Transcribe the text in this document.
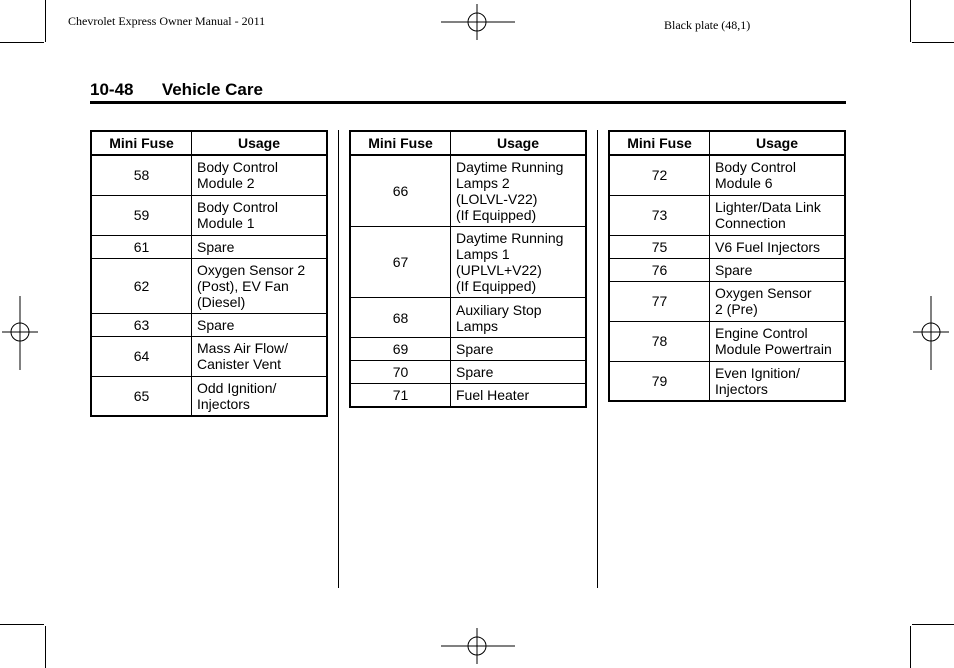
Chevrolet Express Owner Manual - 2011	Black plate (48,1)
10-48 Vehicle Care
Mini Fuse	Usage
58	Body Control
Module 2
59	Body Control
Module 1
61	Spare
62	Oxygen Sensor 2
(Post), EV Fan
(Diesel)
63	Spare
64	Mass Air Flow/
Canister Vent
65	Odd Ignition/
Injectors
Mini Fuse	Usage
66	Daytime Running
Lamps 2
(LOLVL-V22)
(If Equipped)
67	Daytime Running
Lamps 1
(UPLVL+V22)
(If Equipped)
68	Auxiliary Stop
Lamps
69	Spare
70	Spare
71	Fuel Heater
Mini Fuse	Usage
72	Body Control
Module 6
73	Lighter/Data Link
Connection
75	V6 Fuel Injectors
76	Spare
77	Oxygen Sensor
2 (Pre)
78	Engine Control
Module Powertrain
79	Even Ignition/
Injectors
